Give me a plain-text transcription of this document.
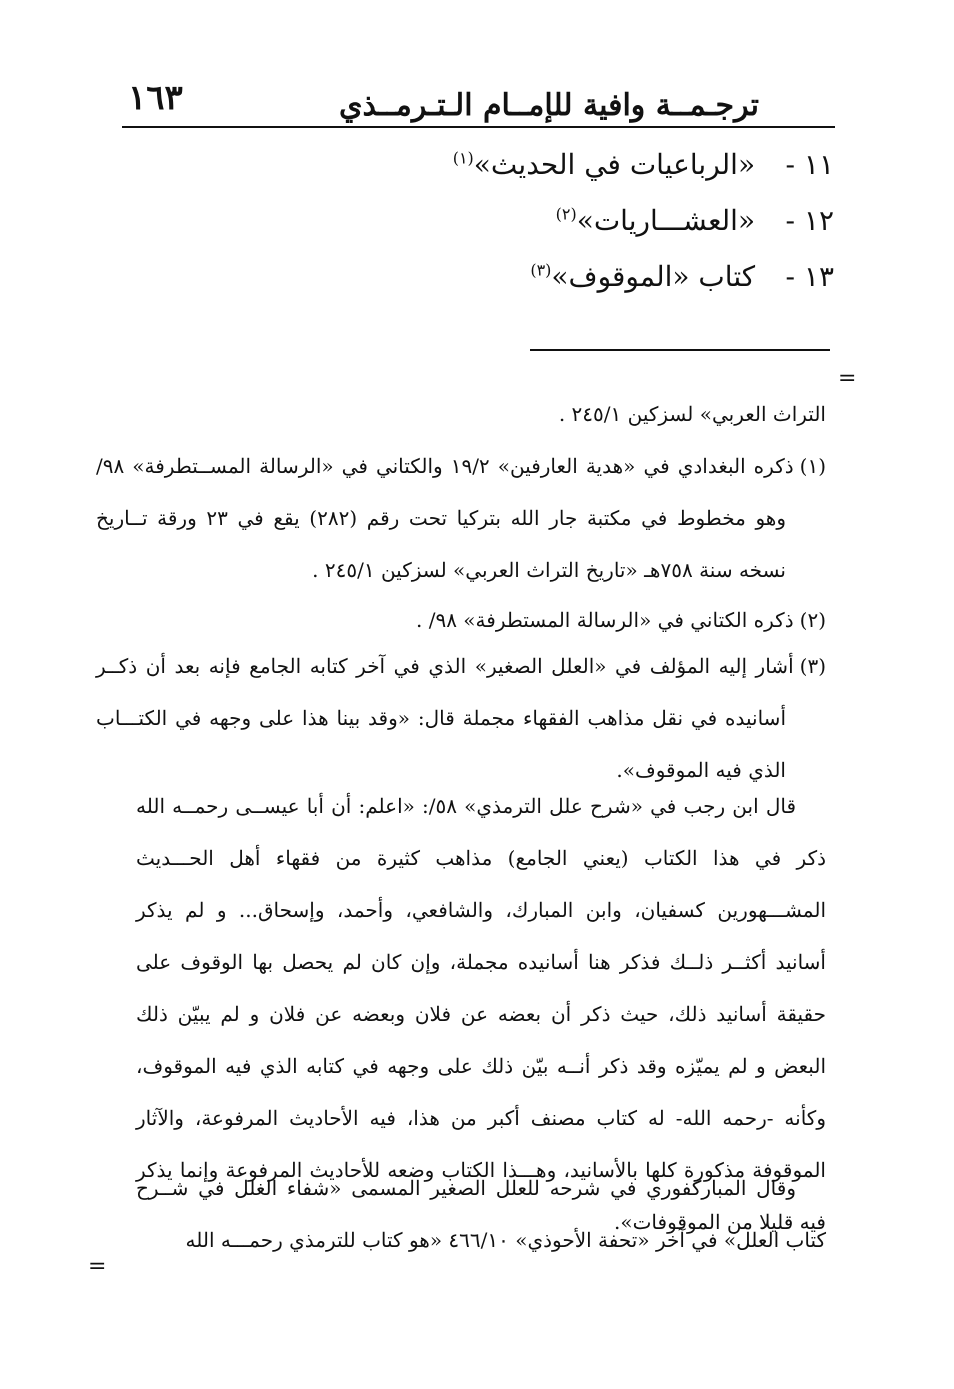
١٦٣	ترجـمــة وافية للإمــام الـتـرمــذي
١١ - «الرباعيات في الحديث»$^{(١)}$
١٢ - «العشـــاريات»$^{(٢)}$
١٣ - كتاب «الموقوف»$^{(٣)}$
=
التراث العربي» لسزكين ٢٤٥/١ .
(١)ذكره البغدادي في «هدية العارفين» ١٩/٢ والكتاني في «الرسالة المســتطرفة» ٩٨/ وهو مخطوط في مكتبة جار الله بتركيا تحت رقم (٢٨٢) يقع في ٢٣ ورقة تــاريخ نسخه سنة ٧٥٨هـ «تاريخ التراث العربي» لسزكين ٢٤٥/١ .
(٢)ذكره الكتاني في «الرسالة المستطرفة» ٩٨/ .
(٣)أشار إليه المؤلف في «العلل الصغير» الذي في آخر كتابه الجامع فإنه بعد أن ذكــر أسانيده في نقل مذاهب الفقهاء مجملة قال: «وقد بينا هذا على وجهه في الكتـــاب الذي فيه الموقوف».
قال ابن رجب في «شرح علل الترمذي» ٥٨/: «اعلم: أن أبا عيســى رحمــه الله ذكر في هذا الكتاب (يعني الجامع) مذاهب كثيرة من فقهاء أهل الحـــديث المشـــهورين كسفيان، وابن المبارك، والشافعي، وأحمد، وإسحاق... و لم يذكر أسانيد أكثــر ذلــك فذكر هنا أسانيده مجملة، وإن كان لم يحصل بها الوقوف على حقيقة أسانيد ذلك، حيث ذكر أن بعضه عن فلان وبعضه عن فلان و لم يبيّن ذلك البعض و لم يميّزه وقد ذكر أنــه بيّن ذلك على وجهه في كتابه الذي فيه الموقوف، وكأنه -رحمه الله- له كتاب مصنف أكبر من هذا، فيه الأحاديث المرفوعة، والآثار الموقوفة مذكورة كلها بالأسانيد، وهـــذا الكتاب وضعه للأحاديث المرفوعة وإنما يذكر فيه قليلا من الموقوفات».
وقال المباركفوري في شرحه للعلل الصغير المسمى «شفاء الغلل في شــرح كتاب العلل» في آخر «تحفة الأحوذي» ٤٦٦/١٠ «هو كتاب للترمذي رحمـــه الله
=
